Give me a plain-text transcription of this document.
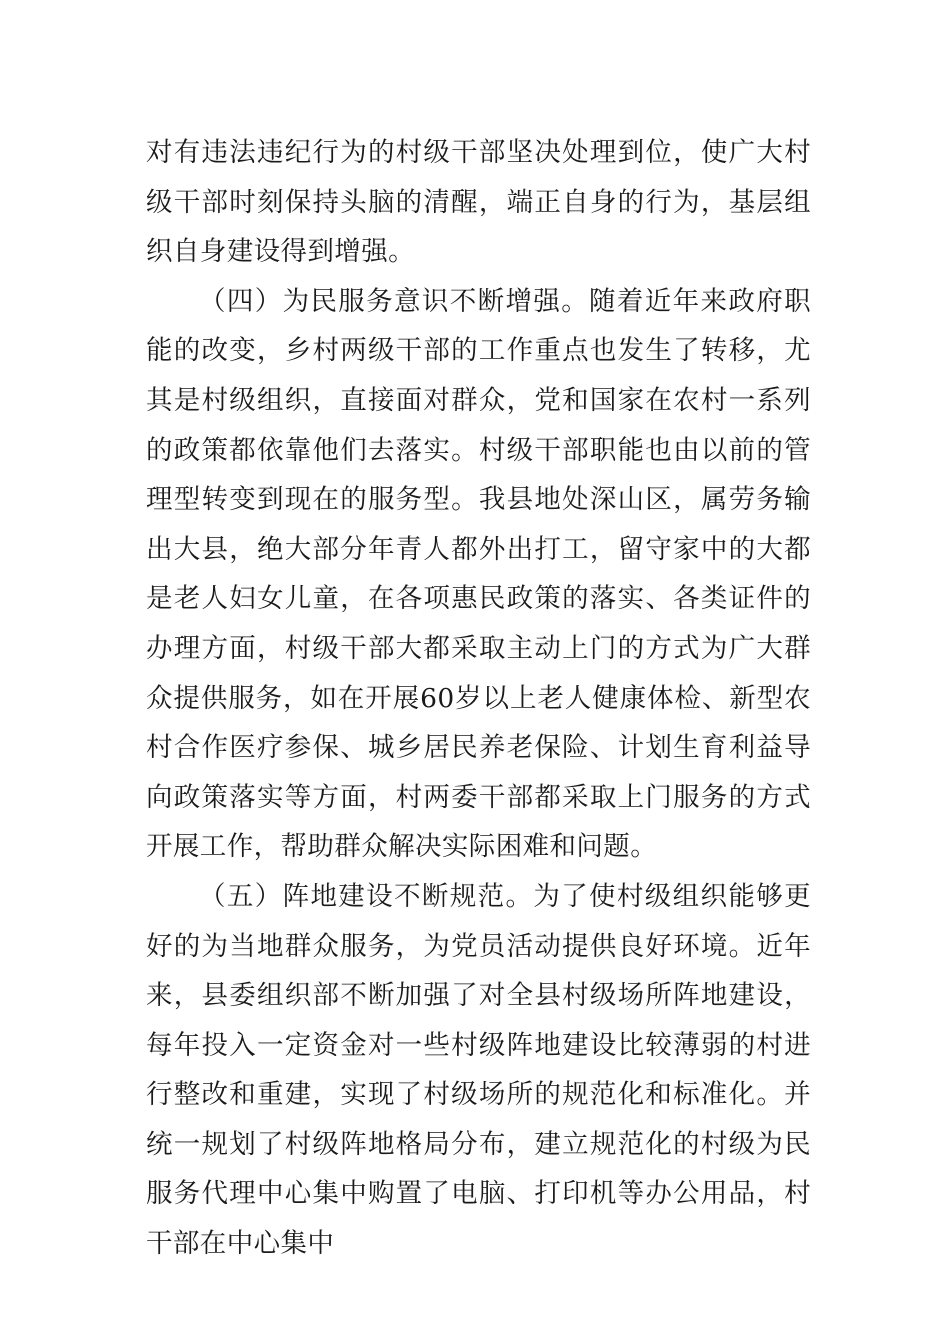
对有违法违纪行为的村级干部坚决处理到位，使广大村级干部时刻保持头脑的清醒，端正自身的行为，基层组织自身建设得到增强。

（四）为民服务意识不断增强。随着近年来政府职能的改变，乡村两级干部的工作重点也发生了转移，尤其是村级组织，直接面对群众，党和国家在农村一系列的政策都依靠他们去落实。村级干部职能也由以前的管理型转变到现在的服务型。我县地处深山区，属劳务输出大县，绝大部分年青人都外出打工，留守家中的大都是老人妇女儿童，在各项惠民政策的落实、各类证件的办理方面，村级干部大都采取主动上门的方式为广大群众提供服务，如在开展60岁以上老人健康体检、新型农村合作医疗参保、城乡居民养老保险、计划生育利益导向政策落实等方面，村两委干部都采取上门服务的方式开展工作，帮助群众解决实际困难和问题。

（五）阵地建设不断规范。为了使村级组织能够更好的为当地群众服务，为党员活动提供良好环境。近年来，县委组织部不断加强了对全县村级场所阵地建设，每年投入一定资金对一些村级阵地建设比较薄弱的村进行整改和重建，实现了村级场所的规范化和标准化。并统一规划了村级阵地格局分布，建立规范化的村级为民服务代理中心集中购置了电脑、打印机等办公用品，村干部在中心集中
